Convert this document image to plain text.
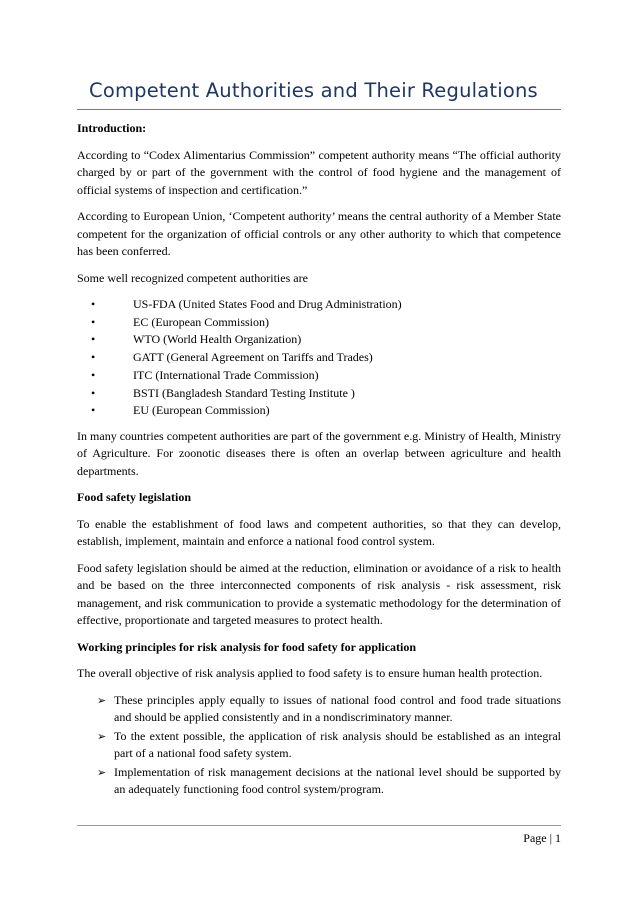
Competent Authorities and Their Regulations
Introduction:

According to “Codex Alimentarius Commission” competent authority means “The official authority charged by or part of the government with the control of food hygiene and the management of official systems of inspection and certification.”

According to European Union, ‘Competent authority’ means the central authority of a Member State competent for the organization of official controls or any other authority to which that competence has been conferred.

Some well recognized competent authorities are

•	US-FDA (United States Food and Drug Administration)
•	EC (European Commission)
•	WTO (World Health Organization)
•	GATT (General Agreement on Tariffs and Trades)
•	ITC (International Trade Commission)
•	BSTI (Bangladesh Standard Testing Institute )
•	EU (European Commission)

In many countries competent authorities are part of the government e.g. Ministry of Health, Ministry of Agriculture. For zoonotic diseases there is often an overlap between agriculture and health departments.

Food safety legislation

To enable the establishment of food laws and competent authorities, so that they can develop, establish, implement, maintain and enforce a national food control system.

Food safety legislation should be aimed at the reduction, elimination or avoidance of a risk to health and be based on the three interconnected components of risk analysis - risk assessment, risk management, and risk communication to provide a systematic methodology for the determination of effective, proportionate and targeted measures to protect health.

Working principles for risk analysis for food safety for application

The overall objective of risk analysis applied to food safety is to ensure human health protection.

➢ These principles apply equally to issues of national food control and food trade situations and should be applied consistently and in a nondiscriminatory manner.
➢ To the extent possible, the application of risk analysis should be established as an integral part of a national food safety system.
➢ Implementation of risk management decisions at the national level should be supported by an adequately functioning food control system/program.
Page | 1
